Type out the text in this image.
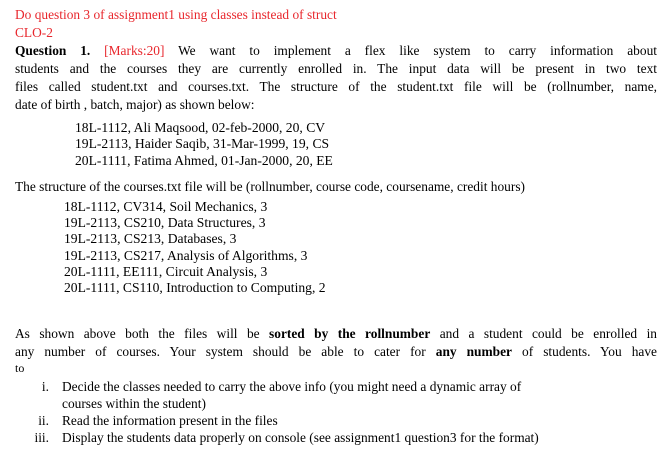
Do question 3 of assignment1 using classes instead of struct
CLO-2
Question 1. [Marks:20] We want to implement a flex like system to carry information about
students and the courses they are currently enrolled in. The input data will be present in two text
files called student.txt and courses.txt. The structure of the student.txt file will be (rollnumber, name,
date of birth , batch, major) as shown below:
18L-1112, Ali Maqsood, 02-feb-2000, 20, CV
19L-2113, Haider Saqib, 31-Mar-1999, 19, CS
20L-1111, Fatima Ahmed, 01-Jan-2000, 20, EE
The structure of the courses.txt file will be (rollnumber, course code, coursename, credit hours)
18L-1112, CV314, Soil Mechanics, 3
19L-2113, CS210, Data Structures, 3
19L-2113, CS213, Databases, 3
19L-2113, CS217, Analysis of Algorithms, 3
20L-1111, EE111, Circuit Analysis, 3
20L-1111, CS110, Introduction to Computing, 2
As shown above both the files will be sorted by the rollnumber and a student could be enrolled in
any number of courses. Your system should be able to cater for any number of students. You have
to
i. Decide the classes needed to carry the above info (you might need a dynamic array of
courses within the student)
ii. Read the information present in the files
iii. Display the students data properly on console (see assignment1 question3 for the format)
